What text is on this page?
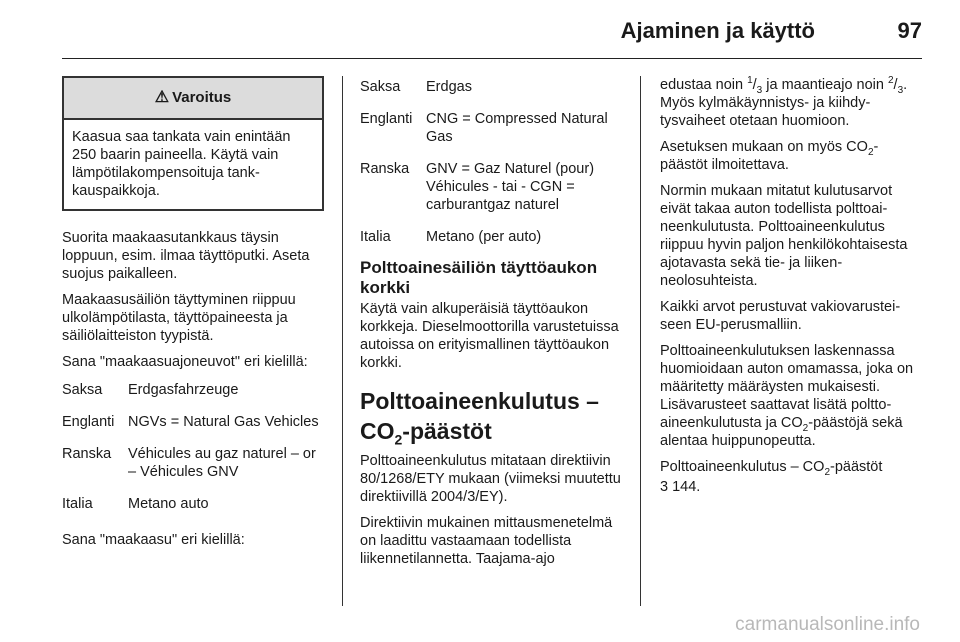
Ajaminen ja käyttö	97
⚠ Varoitus
Kaasua saa tankata vain enintään 250 baarin paineella. Käytä vain lämpötilakompensoituja tankkauspaikkoja.

Suorita maakaasutankkaus täysin loppuun, esim. ilmaa täyttöputki. Aseta suojus paikalleen.

Maakaasusäiliön täyttyminen riippuu ulkolämpötilasta, täyttöpaineesta ja säiliölaitteiston tyypistä.

Sana "maakaasuajoneuvot" eri kielillä:

Saksa	Erdgasfahrzeuge
Englanti	NGVs = Natural Gas Vehicles
Ranska	Véhicules au gaz naturel – or – Véhicules GNV
Italia	Metano auto

Sana "maakaasu" eri kielillä:

Saksa	Erdgas
Englanti	CNG = Compressed Natural Gas
Ranska	GNV = Gaz Naturel (pour) Véhicules - tai - CGN = carburantgaz naturel
Italia	Metano (per auto)
Polttoainesäiliön täyttöaukon korkki

Käytä vain alkuperäisiä täyttöaukon korkkeja. Dieselmoottorilla varustetuissa autoissa on erityismallinen täyttöaukon korkki.

Polttoaineenkulutus –
$CO_2$-päästöt

Polttoaineenkulutus mitataan direktiivin 80/1268/ETY mukaan (viimeksi muutettu direktiivillä 2004/3/EY).

Direktiivin mukainen mittausmenetelmä on laadittu vastaamaan todellista liikennetilannetta. Taajama-ajo

edustaa noin $^1/_3$ ja maantieajo noin $^2/_3$. Myös kylmäkäynnistys- ja kiihdytysvaiheet otetaan huomioon.

Asetuksen mukaan on myös $CO_2$-päästöt ilmoitettava.

Normin mukaan mitatut kulutusarvot eivät takaa auton todellista polttoaineenkulutusta. Polttoaineenkulutus riippuu hyvin paljon henkilökohtaisesta ajotavasta sekä tie- ja liikenneolosuhteista.

Kaikki arvot perustuvat vakiovarusteiseen EU-perusmalliin.

Polttoaineenkulutuksen laskennassa huomioidaan auton omamassa, joka on määritetty määräysten mukaisesti. Lisävarusteet saattavat lisätä polttoaineenkulutusta ja $CO_2$-päästöjä sekä alentaa huippunopeutta.

Polttoaineenkulutus – $CO_2$-päästöt

3 144.

carmanualsonline.info
